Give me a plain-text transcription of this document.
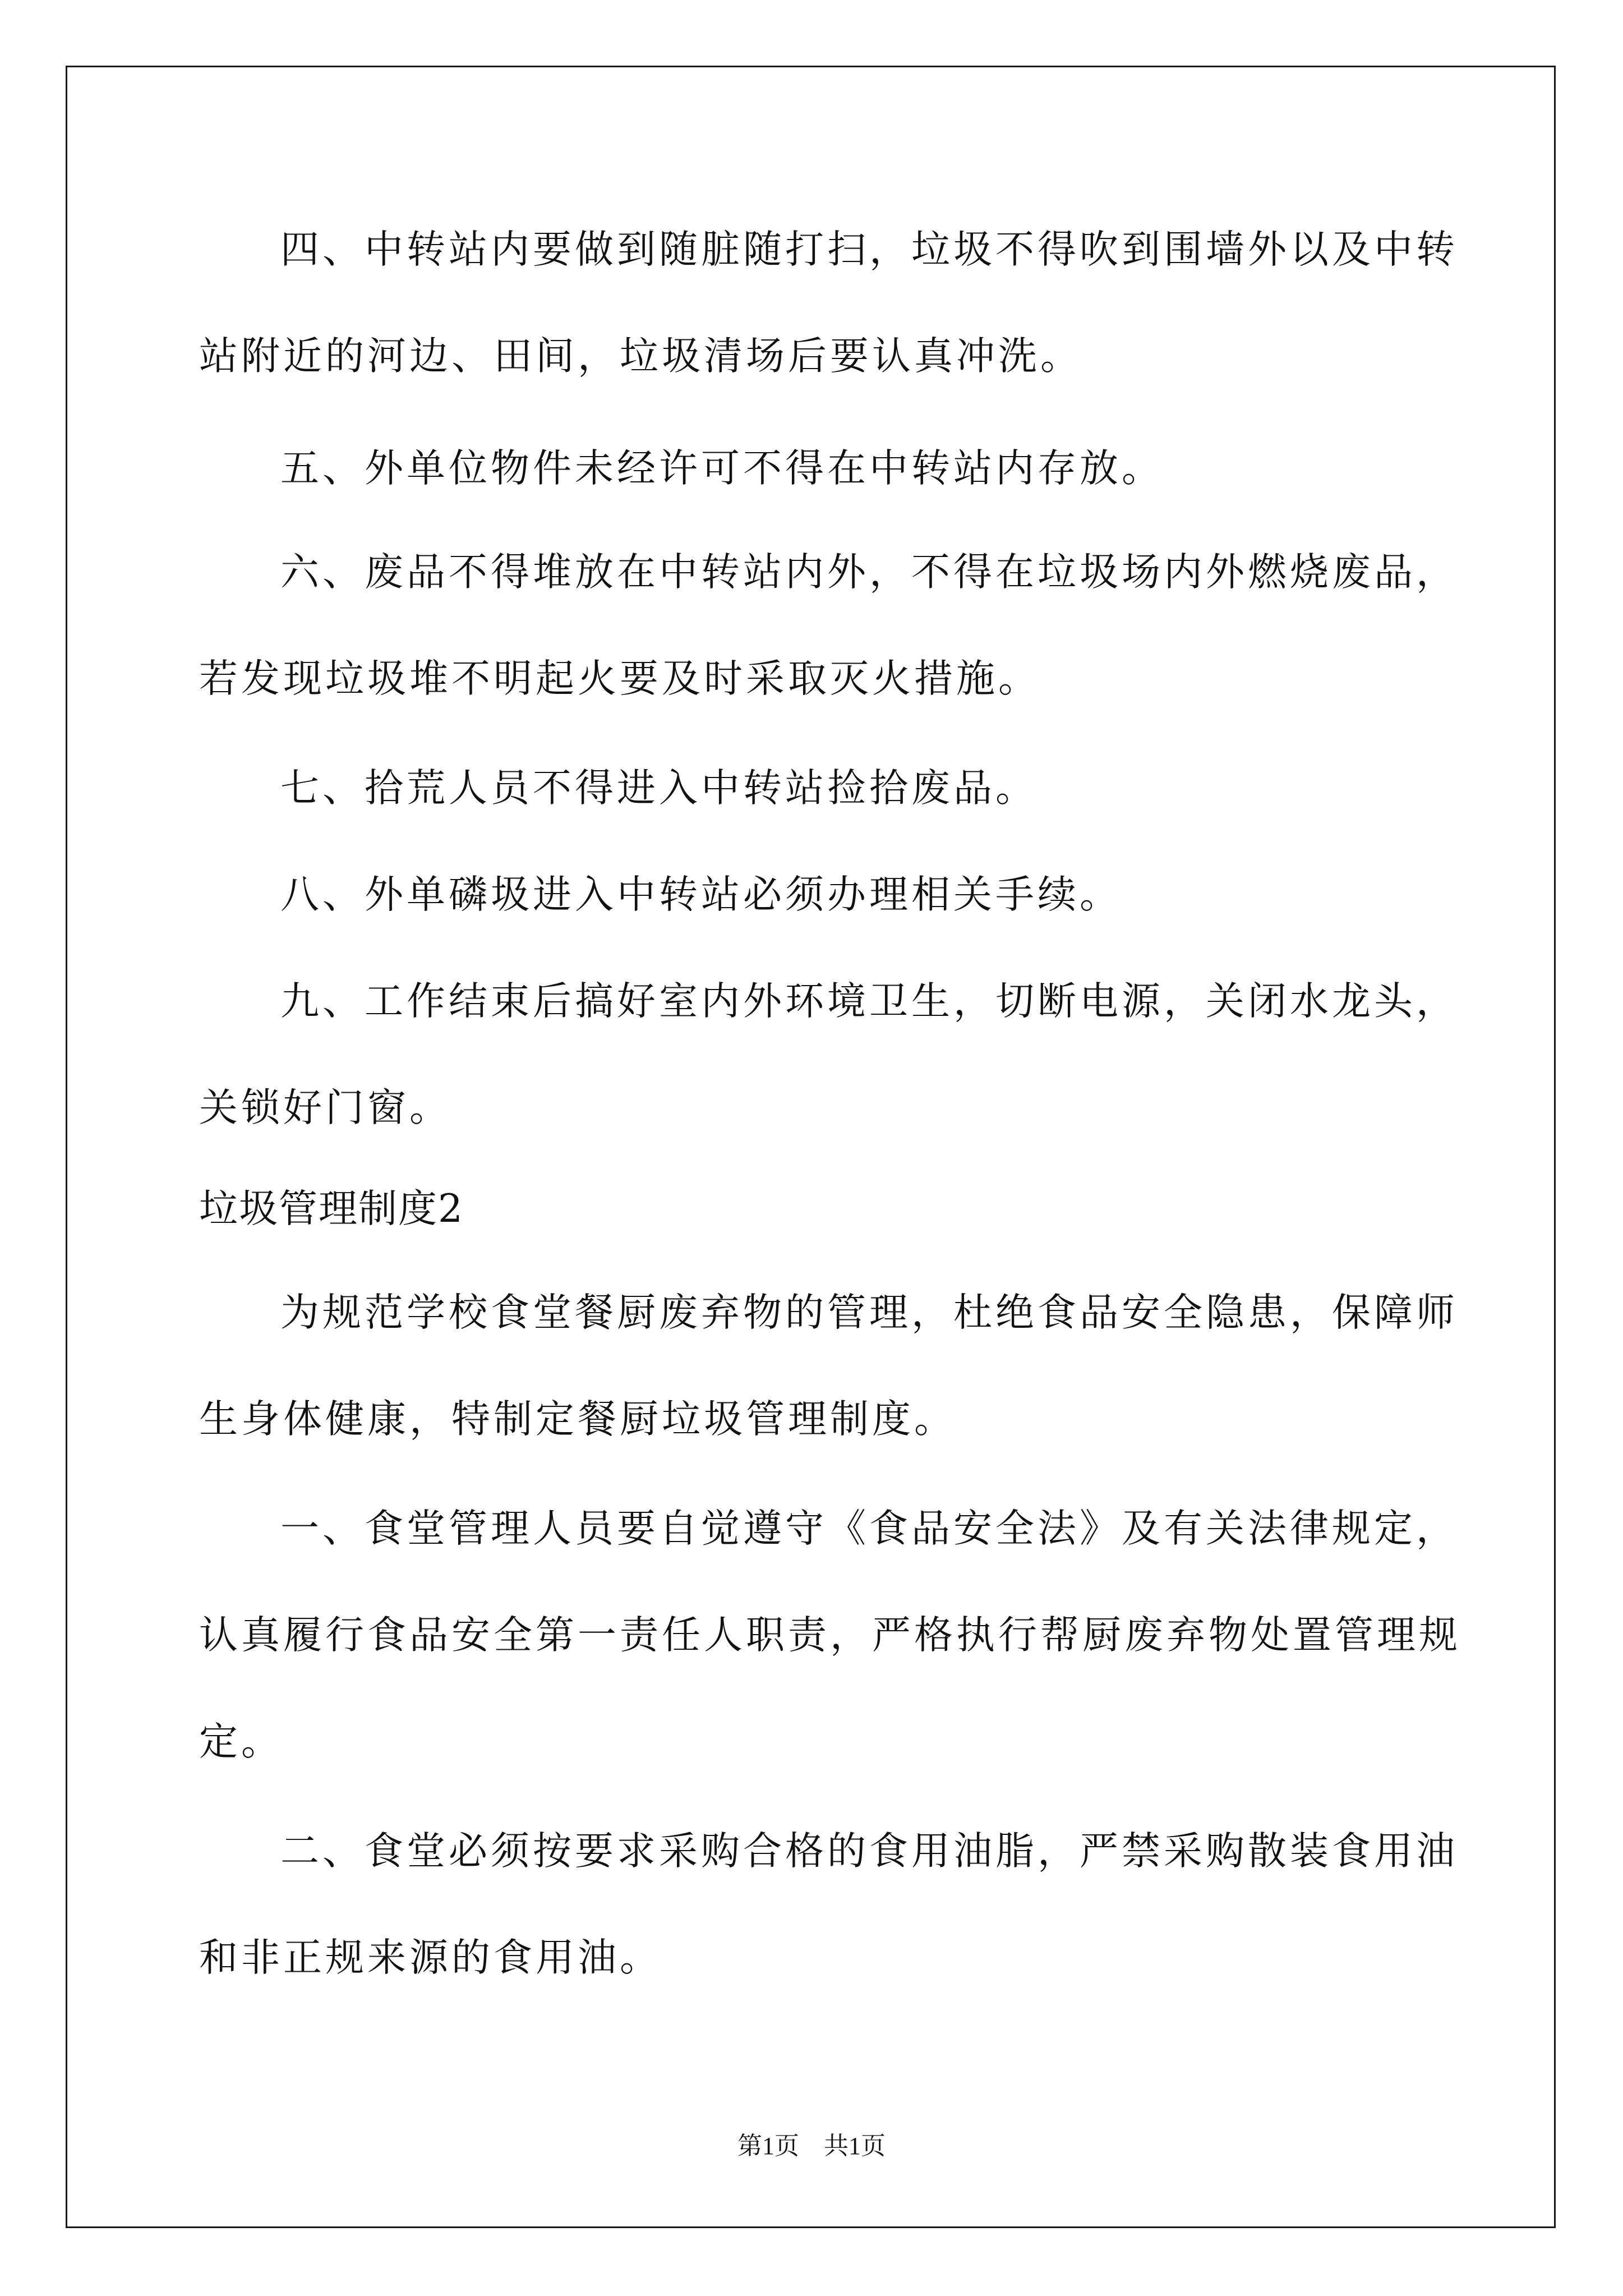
四、中转站内要做到随脏随打扫，垃圾不得吹到围墙外以及中转

站附近的河边、田间，垃圾清场后要认真冲洗。

五、外单位物件未经许可不得在中转站内存放。

六、废品不得堆放在中转站内外，不得在垃圾场内外燃烧废品，

若发现垃圾堆不明起火要及时采取灭火措施。

七、拾荒人员不得进入中转站捡拾废品。

八、外单磷圾进入中转站必须办理相关手续。

九、工作结束后搞好室内外环境卫生，切断电源，关闭水龙头，

关锁好门窗。

垃圾管理制度2

为规范学校食堂餐厨废弃物的管理，杜绝食品安全隐患，保障师

生身体健康，特制定餐厨垃圾管理制度。

一、食堂管理人员要自觉遵守《食品安全法》及有关法律规定，

认真履行食品安全第一责任人职责，严格执行帮厨废弃物处置管理规

定。

二、食堂必须按要求采购合格的食用油脂，严禁采购散装食用油

和非正规来源的食用油。

第1页　共1页
